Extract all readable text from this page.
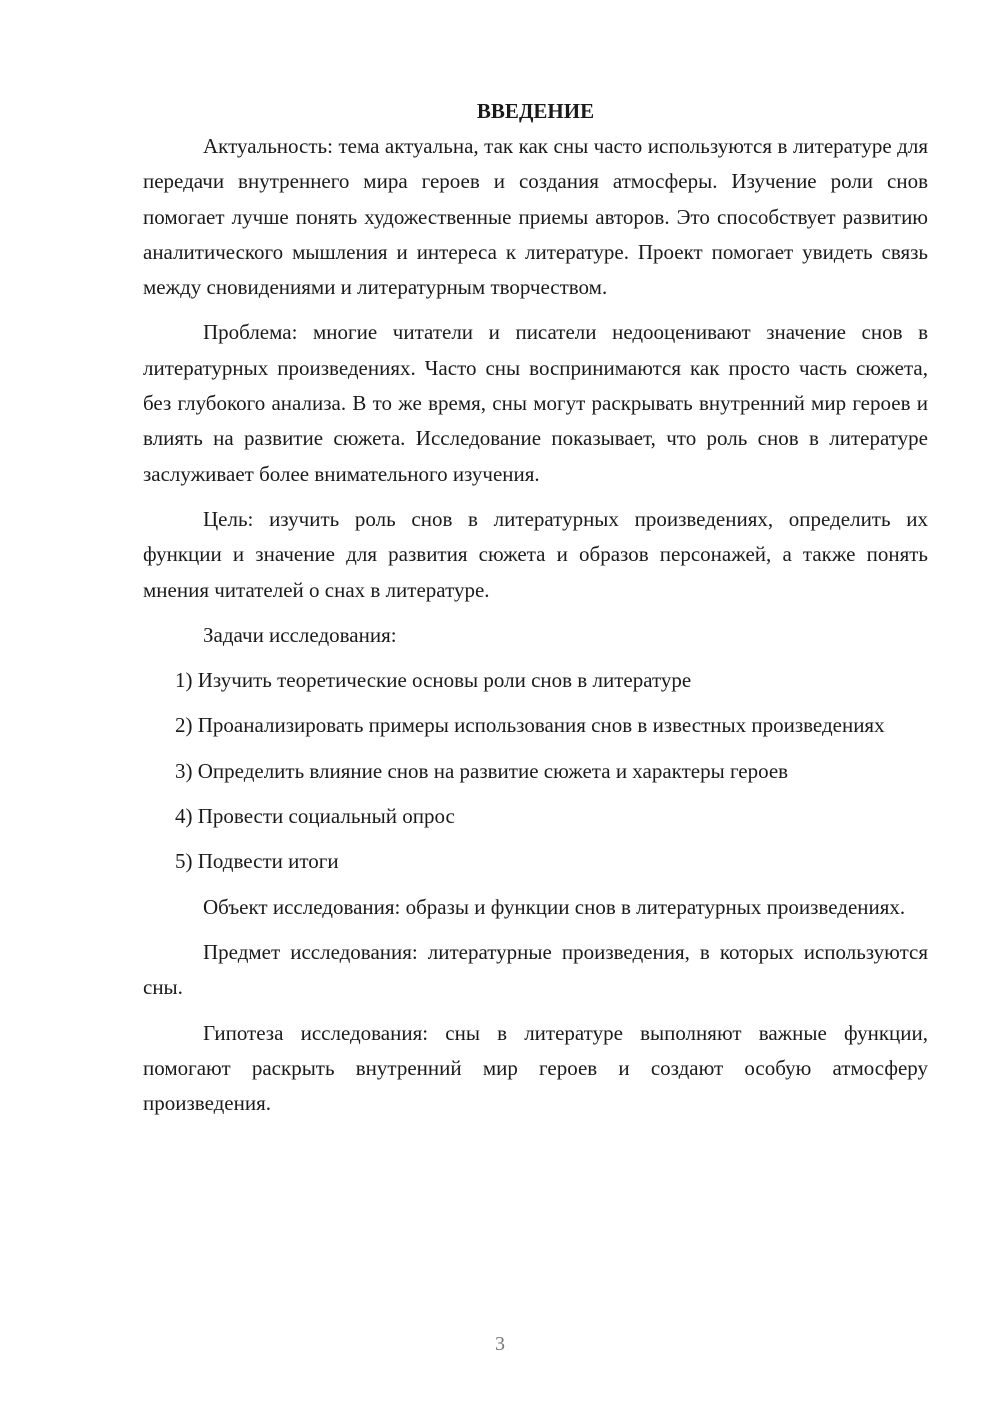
ВВЕДЕНИЕ

Актуальность: тема актуальна, так как сны часто используются в литературе для передачи внутреннего мира героев и создания атмосферы. Изучение роли снов помогает лучше понять художественные приемы авторов. Это способствует развитию аналитического мышления и интереса к литературе. Проект помогает увидеть связь между сновидениями и литературным творчеством.

Проблема: многие читатели и писатели недооценивают значение снов в литературных произведениях. Часто сны воспринимаются как просто часть сюжета, без глубокого анализа. В то же время, сны могут раскрывать внутренний мир героев и влиять на развитие сюжета. Исследование показывает, что роль снов в литературе заслуживает более внимательного изучения.

Цель: изучить роль снов в литературных произведениях, определить их функции и значение для развития сюжета и образов персонажей, а также понять мнения читателей о снах в литературе.

Задачи исследования:

1) Изучить теоретические основы роли снов в литературе

2) Проанализировать примеры использования снов в известных произведениях

3) Определить влияние снов на развитие сюжета и характеры героев

4) Провести социальный опрос

5) Подвести итоги

Объект исследования: образы и функции снов в литературных произведениях.

Предмет исследования: литературные произведения, в которых используются сны.

Гипотеза исследования: сны в литературе выполняют важные функции, помогают раскрыть внутренний мир героев и создают особую атмосферу произведения.

3
